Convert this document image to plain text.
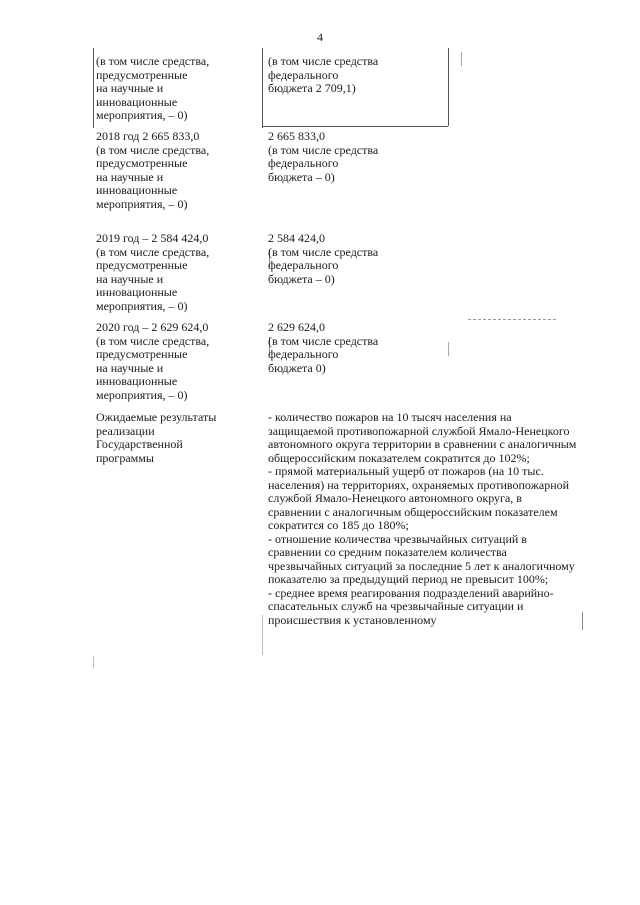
4
(в том числе средства,
предусмотренные
на научные и
инновационные
мероприятия, – 0)
(в том числе средства
федерального
бюджета 2 709,1)
2018 год 2 665 833,0
(в том числе средства,
предусмотренные
на научные и
инновационные
мероприятия, – 0)
2 665 833,0
(в том числе средства
федерального
бюджета – 0)
2019 год – 2 584 424,0
(в том числе средства,
предусмотренные
на научные и
инновационные
мероприятия, – 0)
2 584 424,0
(в том числе средства
федерального
бюджета – 0)
2020 год – 2 629 624,0
(в том числе средства,
предусмотренные
на научные и
инновационные
мероприятия, – 0)
2 629 624,0
(в том числе средства
федерального
бюджета 0)
Ожидаемые результаты
реализации
Государственной
программы

- количество пожаров на 10 тысяч населения на защищаемой противопожарной службой Ямало-Ненецкого автономного округа территории в сравнении с аналогичным общероссийским показателем сократится до 102%;

- прямой материальный ущерб от пожаров (на 10 тыс. населения) на территориях, охраняемых противопожарной службой Ямало-Ненецкого автономного округа, в сравнении с аналогичным общероссийским показателем сократится со 185 до 180%;

- отношение количества чрезвычайных ситуаций в сравнении со средним показателем количества чрезвычайных ситуаций за последние 5 лет к аналогичному показателю за предыдущий период не превысит 100%;

- среднее время реагирования подразделений аварийно-спасательных служб на чрезвычайные ситуации и происшествия к установленному
